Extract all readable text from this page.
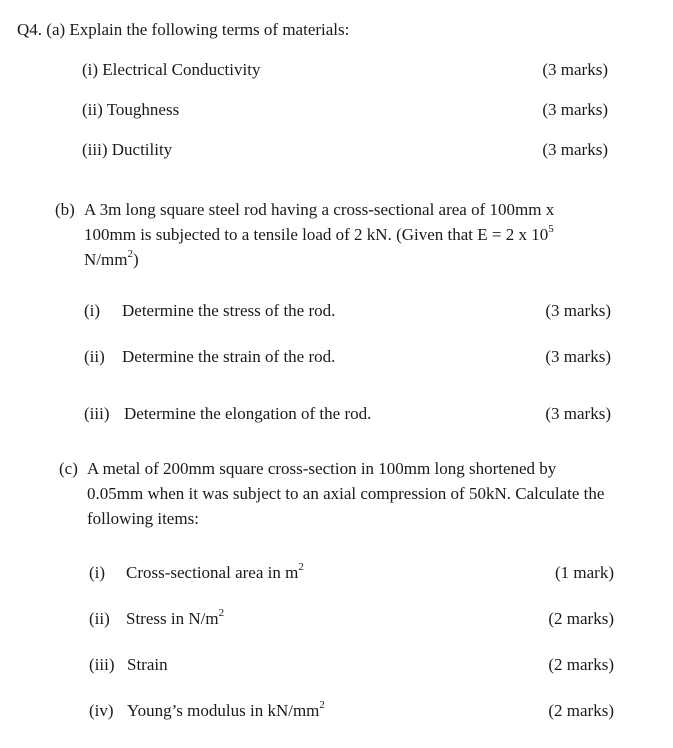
Q4. (a) Explain the following terms of materials:
(i) Electrical Conductivity	(3 marks)
(ii) Toughness	(3 marks)
(iii) Ductility	(3 marks)
(b) A 3m long square steel rod having a cross-sectional area of 100mm x
100mm is subjected to a tensile load of 2 kN. (Given that E = 2 x $10^5$
$N/mm^2$)
(i) Determine the stress of the rod.	(3 marks)
(ii) Determine the strain of the rod.	(3 marks)
(iii) Determine the elongation of the rod.	(3 marks)
(c) A metal of 200mm square cross-section in 100mm long shortened by
0.05mm when it was subject to an axial compression of 50kN. Calculate the
following items:
(i) Cross-sectional area in $m^2$	(1 mark)
(ii) Stress in $N/m^2$	(2 marks)
(iii) Strain	(2 marks)
(iv) Young’s modulus in $kN/mm^2$	(2 marks)
